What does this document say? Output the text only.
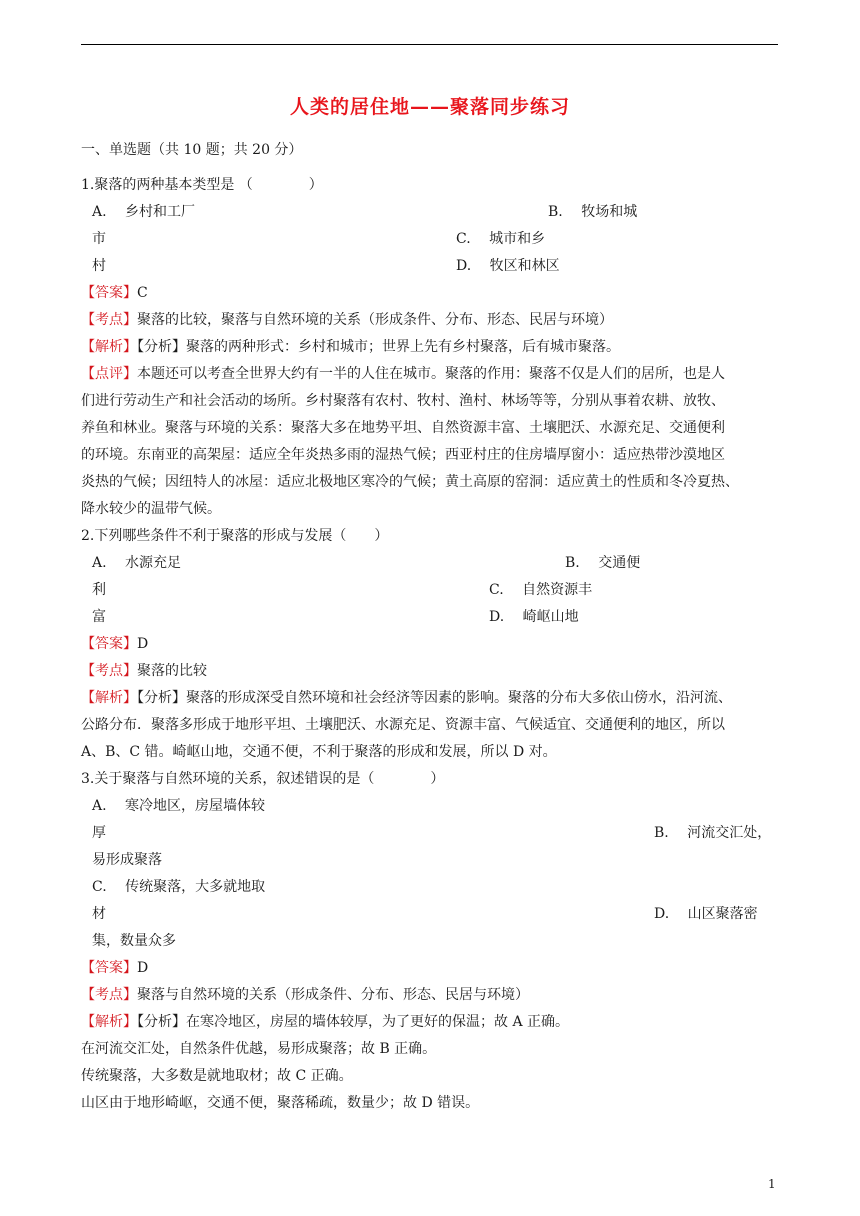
人类的居住地——聚落同步练习
一、单选题（共 10 题；共 20 分）
1.聚落的两种基本类型是 （　　　　）
A.　 乡村和工厂	B.　 牧场和城
市	C.　 城市和乡
村	D.　 牧区和林区
【答案】C
【考点】聚落的比较，聚落与自然环境的关系（形成条件、分布、形态、民居与环境）
【解析】【分析】聚落的两种形式：乡村和城市；世界上先有乡村聚落，后有城市聚落。
【点评】本题还可以考查全世界大约有一半的人住在城市。聚落的作用：聚落不仅是人们的居所，也是人
们进行劳动生产和社会活动的场所。乡村聚落有农村、牧村、渔村、林场等等，分别从事着农耕、放牧、
养鱼和林业。聚落与环境的关系：聚落大多在地势平坦、自然资源丰富、土壤肥沃、水源充足、交通便利
的环境。东南亚的高架屋：适应全年炎热多雨的湿热气候；西亚村庄的住房墙厚窗小：适应热带沙漠地区
炎热的气候；因纽特人的冰屋：适应北极地区寒冷的气候；黄土高原的窑洞：适应黄土的性质和冬冷夏热、
降水较少的温带气候。
2.下列哪些条件不利于聚落的形成与发展（　　）
A.　 水源充足	B.　 交通便
利	C.　 自然资源丰
富	D.　 崎岖山地
【答案】D
【考点】聚落的比较
【解析】【分析】聚落的形成深受自然环境和社会经济等因素的影响。聚落的分布大多依山傍水，沿河流、
公路分布．聚落多形成于地形平坦、土壤肥沃、水源充足、资源丰富、气候适宜、交通便利的地区，所以
A、B、C 错。崎岖山地，交通不便，不利于聚落的形成和发展，所以 D 对。
3.关于聚落与自然环境的关系，叙述错误的是（　　　　）
A.　 寒冷地区，房屋墙体较
厚	B.　 河流交汇处，
易形成聚落
C.　 传统聚落，大多就地取
材	D.　 山区聚落密
集，数量众多
【答案】D
【考点】聚落与自然环境的关系（形成条件、分布、形态、民居与环境）
【解析】【分析】在寒冷地区，房屋的墙体较厚，为了更好的保温；故 A 正确。
在河流交汇处，自然条件优越，易形成聚落；故 B 正确。
传统聚落，大多数是就地取材；故 C 正确。
山区由于地形崎岖，交通不便，聚落稀疏，数量少；故 D 错误。
1
